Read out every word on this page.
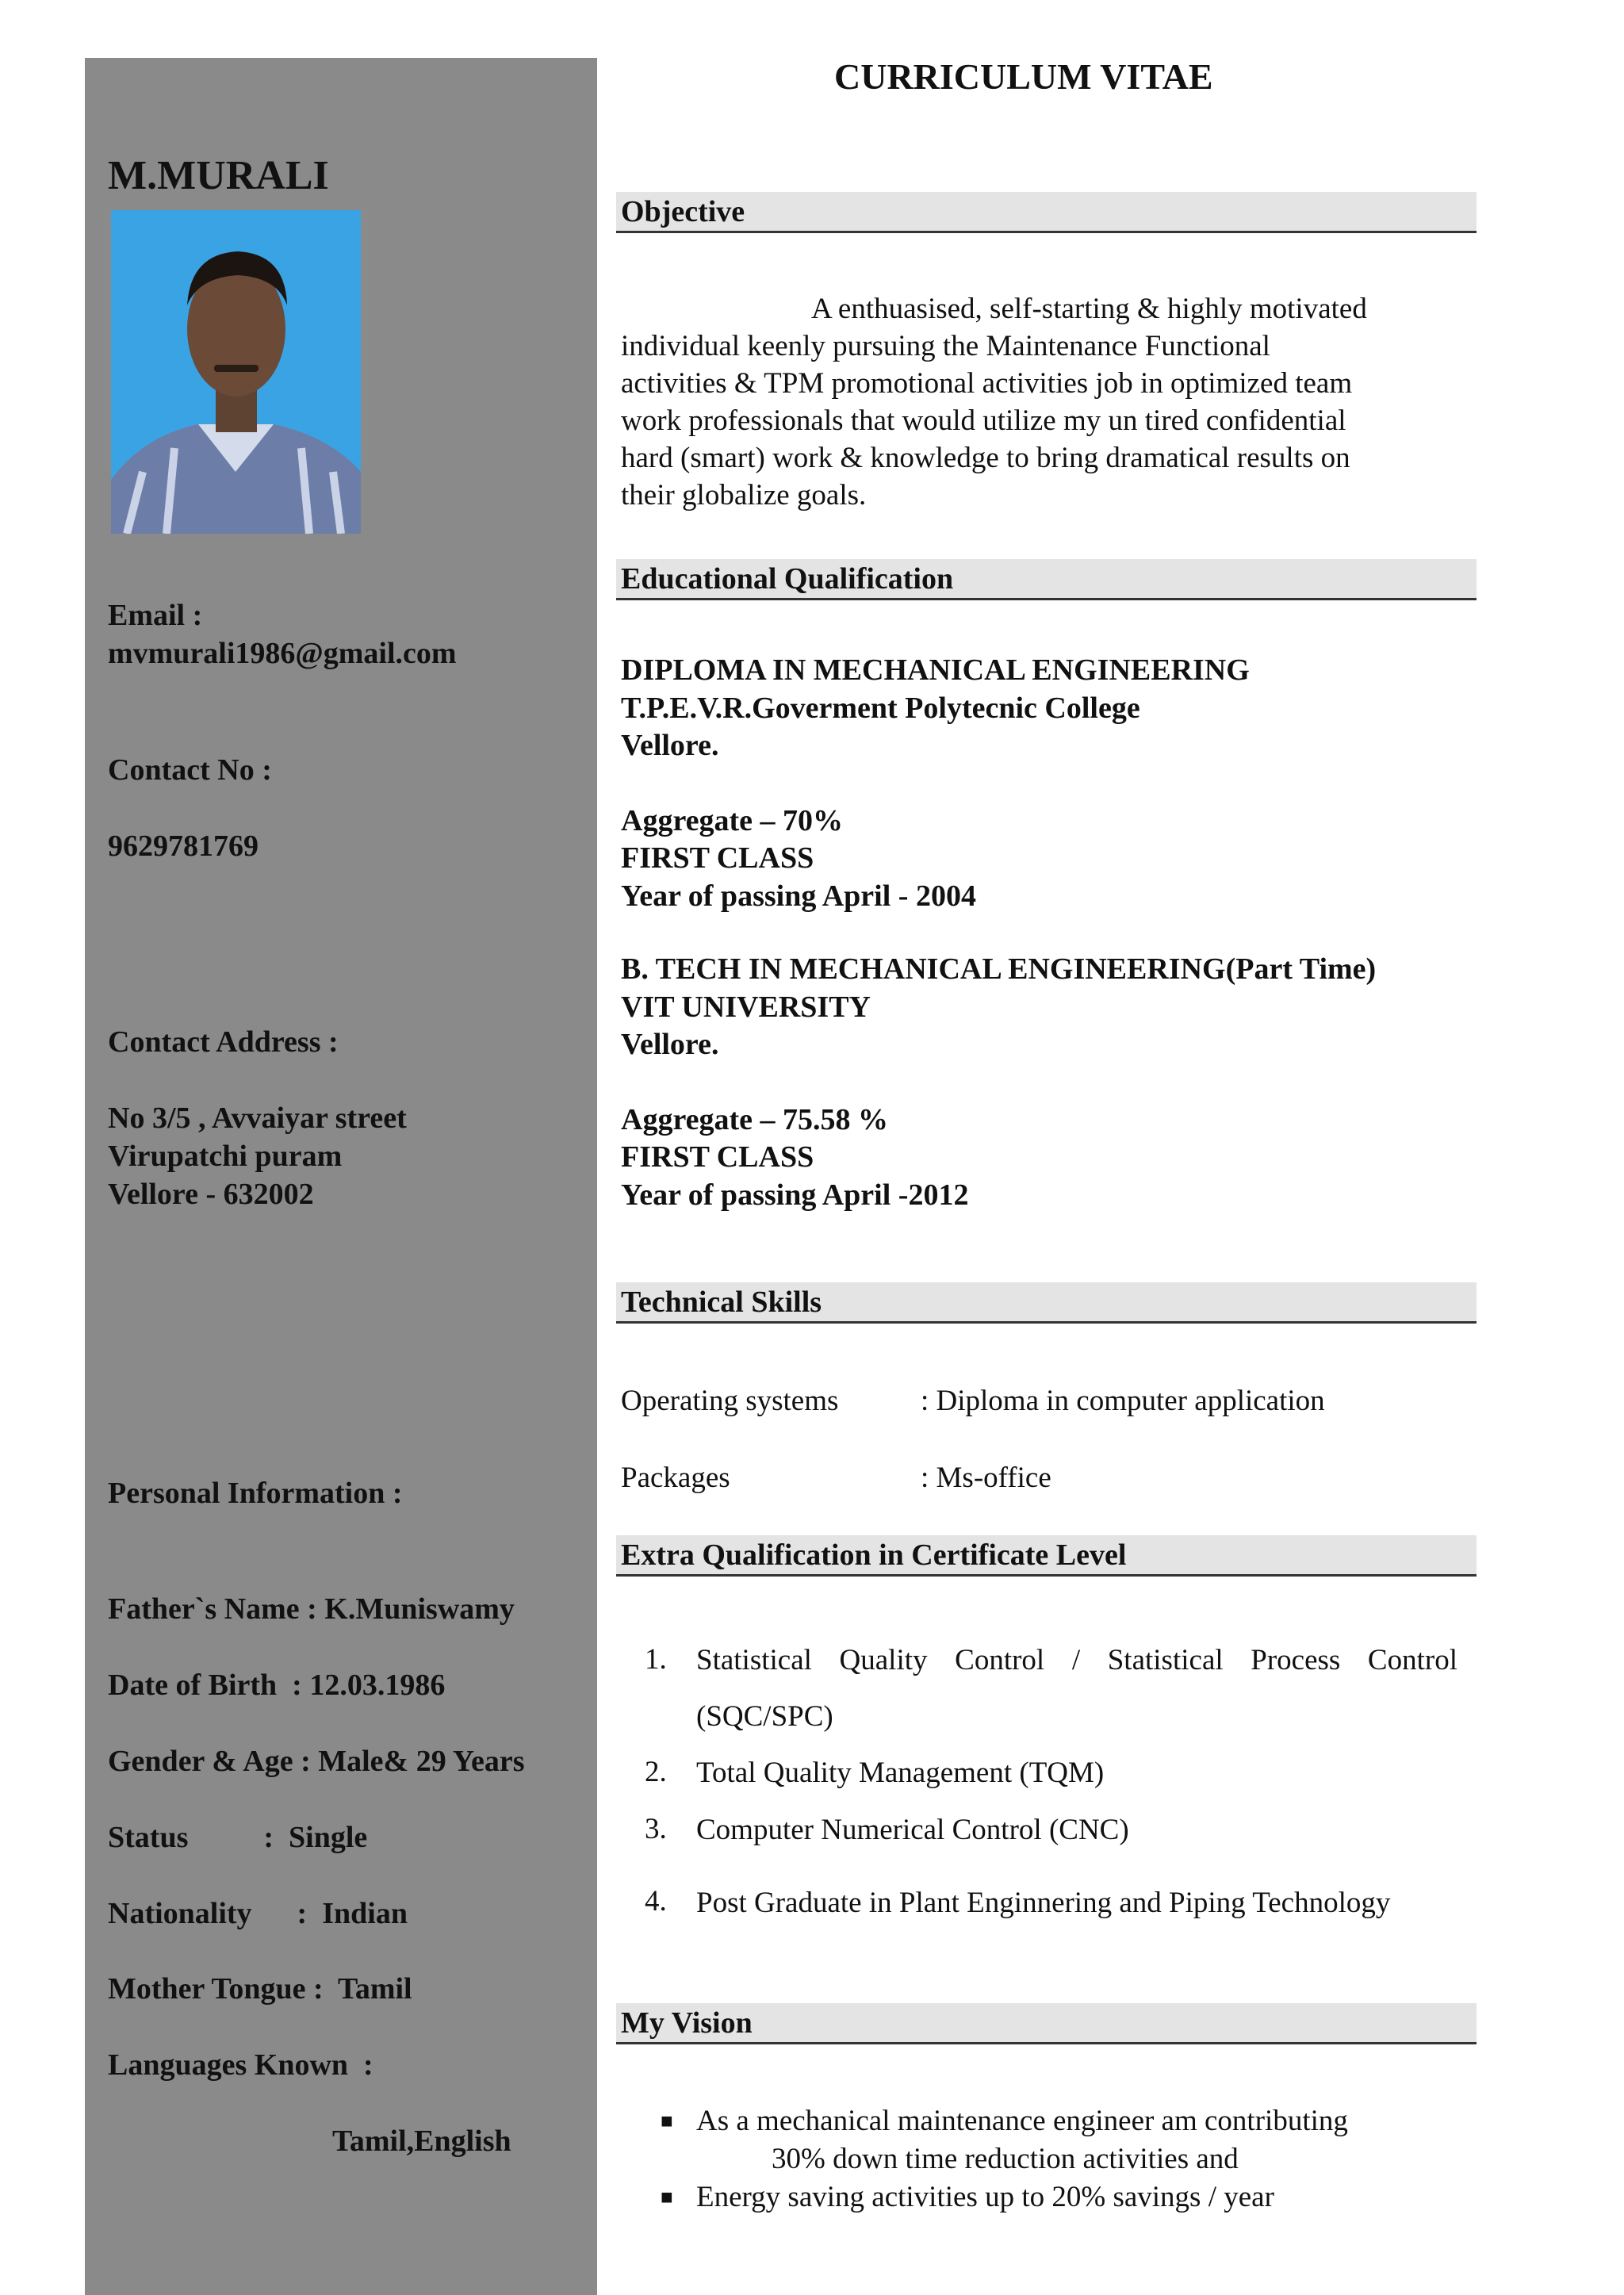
M.MURALI
Email :
mvmurali1986@gmail.com
Contact No :
9629781769
Contact Address :
No 3/5 , Avvaiyar street
Virupatchi puram
Vellore - 632002
Personal Information :
Father`s Name : K.Muniswamy
Date of Birth  : 12.03.1986
Gender & Age : Male& 29 Years
Status          :  Single
Nationality      :  Indian
Mother Tongue :  Tamil
Languages Known  :
Tamil,English
CURRICULUM VITAE
Objective
A enthuasised, self-starting & highly motivated
individual keenly pursuing the Maintenance Functional
activities & TPM promotional activities job in optimized team
work professionals that would utilize my un tired confidential
hard (smart) work & knowledge to bring dramatical results on
their globalize goals.
Educational Qualification
DIPLOMA IN MECHANICAL ENGINEERING
T.P.E.V.R.Goverment Polytecnic College
Vellore.
Aggregate – 70%
FIRST CLASS
Year of passing April - 2004
B. TECH IN MECHANICAL ENGINEERING(Part Time)
VIT UNIVERSITY
Vellore.
Aggregate – 75.58 %
FIRST CLASS
Year of passing April -2012
Technical Skills
Operating systems	: Diploma in computer application
Packages	: Ms-office
Extra Qualification in Certificate Level
1. Statistical Quality Control / Statistical Process Control (SQC/SPC)
2. Total Quality Management (TQM)
3. Computer Numerical Control (CNC)
4. Post Graduate in Plant Enginnering and Piping Technology
My Vision
■ As a mechanical maintenance engineer am contributing
30% down time reduction activities and
■ Energy saving activities up to 20% savings / year
